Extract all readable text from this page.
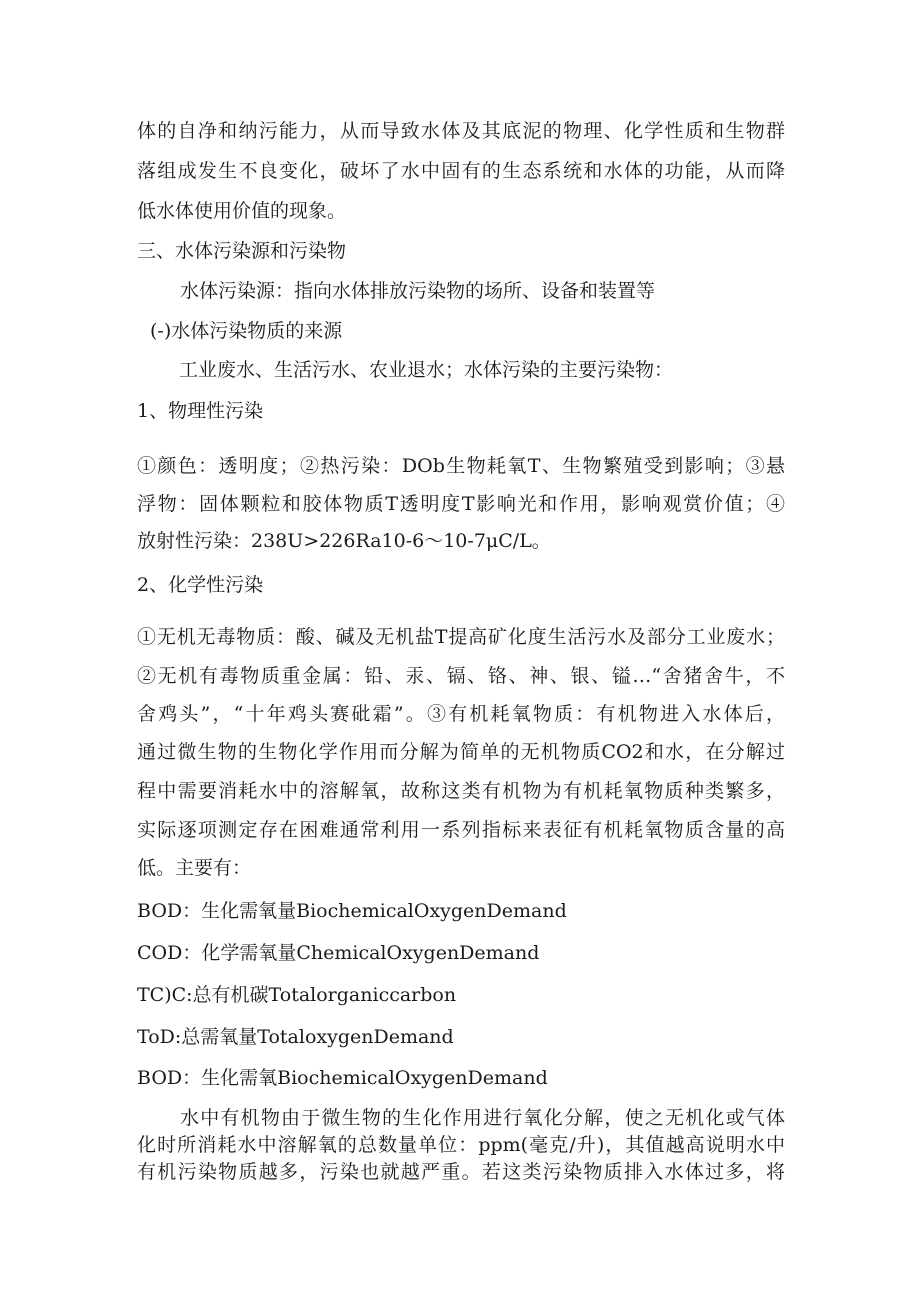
体的自净和纳污能力，从而导致水体及其底泥的物理、化学性质和生物群
落组成发生不良变化，破坏了水中固有的生态系统和水体的功能，从而降
低水体使用价值的现象。
三、水体污染源和污染物
水体污染源：指向水体排放污染物的场所、设备和装置等
(-)水体污染物质的来源
工业废水、生活污水、农业退水；水体污染的主要污染物：
1、物理性污染
①颜色：透明度；②热污染：DOb生物耗氧T、生物繁殖受到影响；③悬
浮物：固体颗粒和胶体物质T透明度T影响光和作用，影响观赏价值；④
放射性污染：238U>226Ra10-6～10-7μC∕L。
2、化学性污染
①无机无毒物质：酸、碱及无机盐T提高矿化度生活污水及部分工业废水；
②无机有毒物质重金属：铅、汞、镉、铬、神、银、镒…“舍猪舍牛，不
舍鸡头”，“十年鸡头赛砒霜”。③有机耗氧物质：有机物进入水体后，
通过微生物的生物化学作用而分解为简单的无机物质CO2和水，在分解过
程中需要消耗水中的溶解氧，故称这类有机物为有机耗氧物质种类繁多，
实际逐项测定存在困难通常利用一系列指标来表征有机耗氧物质含量的高
低。主要有：
BOD：生化需氧量BiochemicalOxygenDemand
COD：化学需氧量ChemicalOxygenDemand
TC)C:总有机碳Totalorganiccarbon
ToD:总需氧量TotaloxygenDemand
BOD：生化需氧BiochemicalOxygenDemand
水中有机物由于微生物的生化作用进行氧化分解，使之无机化或气体
化时所消耗水中溶解氧的总数量单位：ppm(毫克/升)，其值越高说明水中
有机污染物质越多，污染也就越严重。若这类污染物质排入水体过多，将
